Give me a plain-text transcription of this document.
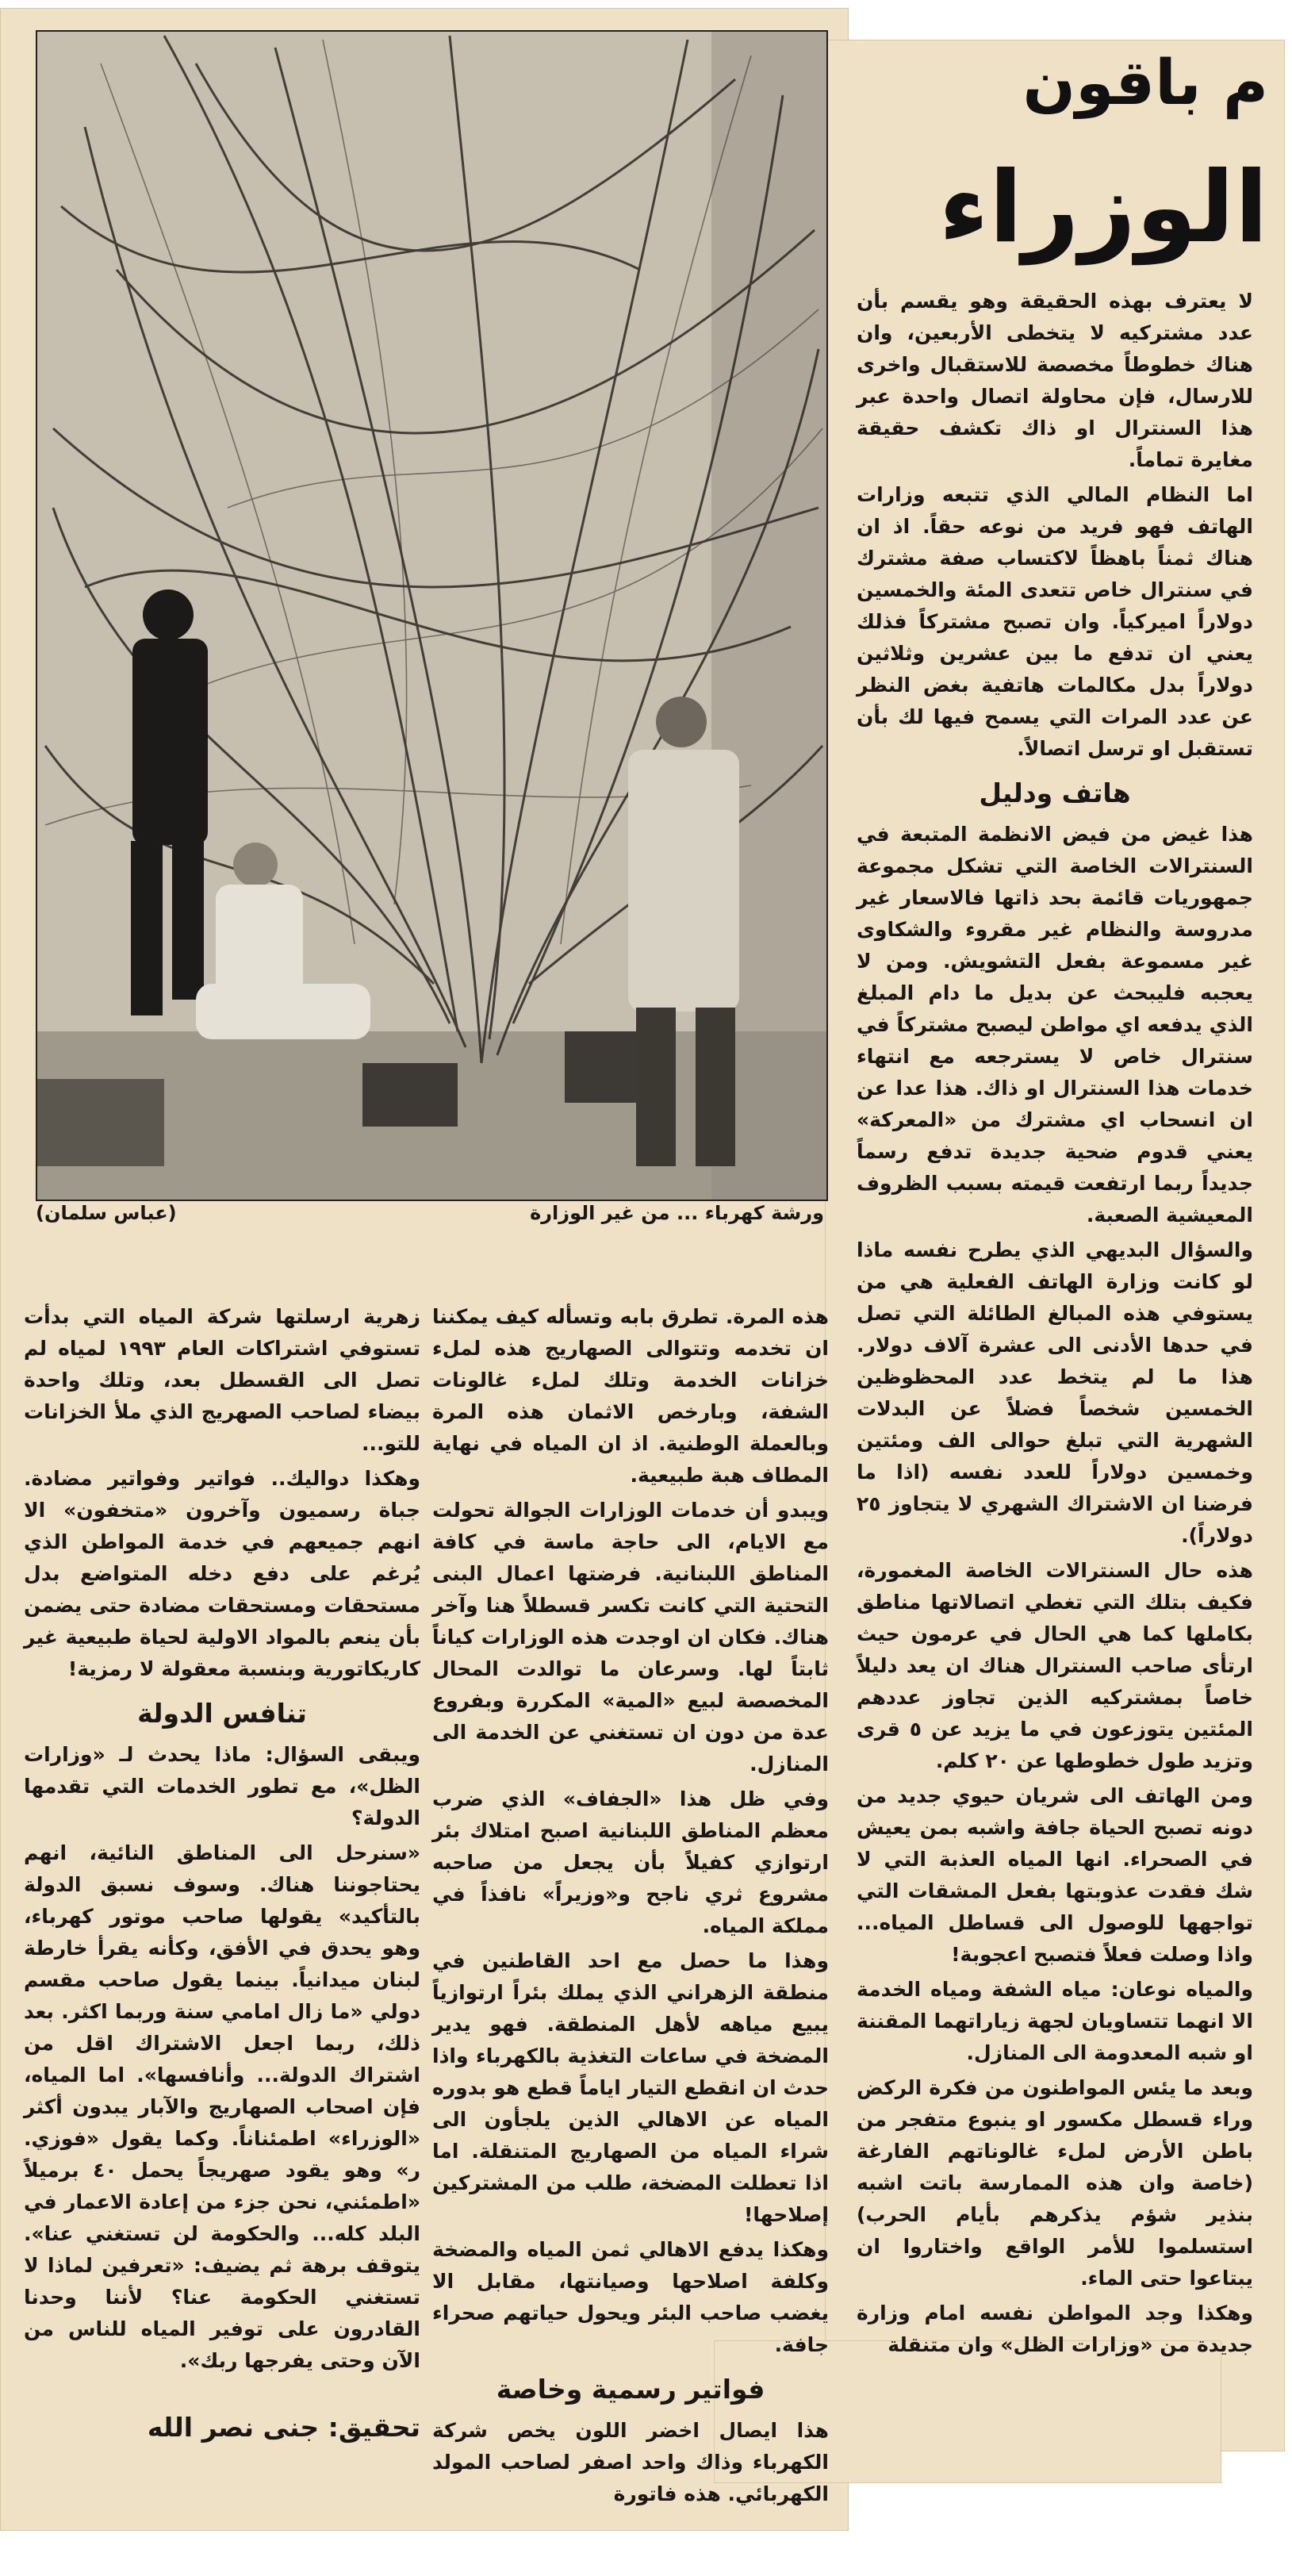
م باقون
الوزراء
ورشة كهرباء ... من غير الوزارة
(عباس سلمان)

لا يعترف بهذه الحقيقة وهو يقسم بأن عدد مشتركيه لا يتخطى الأربعين، وان هناك خطوطاً مخصصة للاستقبال واخرى للارسال، فإن محاولة اتصال واحدة عبر هذا السنترال او ذاك تكشف حقيقة مغايرة تماماً.

اما النظام المالي الذي تتبعه وزارات الهاتف فهو فريد من نوعه حقاً. اذ ان هناك ثمناً باهظاً لاكتساب صفة مشترك في سنترال خاص تتعدى المئة والخمسين دولاراً اميركياً. وان تصبح مشتركاً فذلك يعني ان تدفع ما بين عشرين وثلاثين دولاراً بدل مكالمات هاتفية بغض النظر عن عدد المرات التي يسمح فيها لك بأن تستقبل او ترسل اتصالاً.

هاتف ودليل

هذا غيض من فيض الانظمة المتبعة في السنترالات الخاصة التي تشكل مجموعة جمهوريات قائمة بحد ذاتها فالاسعار غير مدروسة والنظام غير مقروء والشكاوى غير مسموعة بفعل التشويش. ومن لا يعجبه فليبحث عن بديل ما دام المبلغ الذي يدفعه اي مواطن ليصبح مشتركاً في سنترال خاص لا يسترجعه مع انتهاء خدمات هذا السنترال او ذاك. هذا عدا عن ان انسحاب اي مشترك من «المعركة» يعني قدوم ضحية جديدة تدفع رسماً جديداً ربما ارتفعت قيمته بسبب الظروف المعيشية الصعبة.

والسؤال البديهي الذي يطرح نفسه ماذا لو كانت وزارة الهاتف الفعلية هي من يستوفي هذه المبالغ الطائلة التي تصل في حدها الأدنى الى عشرة آلاف دولار. هذا ما لم يتخط عدد المحظوظين الخمسين شخصاً فضلاً عن البدلات الشهرية التي تبلغ حوالى الف ومئتين وخمسين دولاراً للعدد نفسه (اذا ما فرضنا ان الاشتراك الشهري لا يتجاوز ٢٥ دولاراً).

هذه حال السنترالات الخاصة المغمورة، فكيف بتلك التي تغطي اتصالاتها مناطق بكاملها كما هي الحال في عرمون حيث ارتأى صاحب السنترال هناك ان يعد دليلاً خاصاً بمشتركيه الذين تجاوز عددهم المئتين يتوزعون في ما يزيد عن ٥ قرى وتزيد طول خطوطها عن ٢٠ كلم.

ومن الهاتف الى شريان حيوي جديد من دونه تصبح الحياة جافة واشبه بمن يعيش في الصحراء. انها المياه العذبة التي لا شك فقدت عذوبتها بفعل المشقات التي تواجهها للوصول الى قساطل المياه... واذا وصلت فعلاً فتصبح اعجوبة!

والمياه نوعان: مياه الشفة ومياه الخدمة الا انهما تتساويان لجهة زياراتهما المقننة او شبه المعدومة الى المنازل.

وبعد ما يئس المواطنون من فكرة الركض وراء قسطل مكسور او ينبوع متفجر من باطن الأرض لملء غالوناتهم الفارغة (خاصة وان هذه الممارسة باتت اشبه بنذير شؤم يذكرهم بأيام الحرب) استسلموا للأمر الواقع واختاروا ان يبتاعوا حتى الماء.

وهكذا وجد المواطن نفسه امام وزارة جديدة من «وزارات الظل» وان متنقلة

هذه المرة. تطرق بابه وتسأله كيف يمكننا ان تخدمه وتتوالى الصهاريج هذه لملء خزانات الخدمة وتلك لملء غالونات الشفة، وبارخص الاثمان هذه المرة وبالعملة الوطنية. اذ ان المياه في نهاية المطاف هبة طبيعية.

ويبدو أن خدمات الوزارات الجوالة تحولت مع الايام، الى حاجة ماسة في كافة المناطق اللبنانية. فرضتها اعمال البنى التحتية التي كانت تكسر قسطلاً هنا وآخر هناك. فكان ان اوجدت هذه الوزارات كياناً ثابتاً لها. وسرعان ما توالدت المحال المخصصة لبيع «المية» المكررة وبفروع عدة من دون ان تستغني عن الخدمة الى المنازل.

وفي ظل هذا «الجفاف» الذي ضرب معظم المناطق اللبنانية اصبح امتلاك بئر ارتوازي كفيلاً بأن يجعل من صاحبه مشروع ثري ناجح و«وزيراً» نافذاً في مملكة المياه.

وهذا ما حصل مع احد القاطنين في منطقة الزهراني الذي يملك بئراً ارتوازياً يبيع مياهه لأهل المنطقة. فهو يدير المضخة في ساعات التغذية بالكهرباء واذا حدث ان انقطع التيار اياماً قطع هو بدوره المياه عن الاهالي الذين يلجأون الى شراء المياه من الصهاريج المتنقلة. اما اذا تعطلت المضخة، طلب من المشتركين إصلاحها!

وهكذا يدفع الاهالي ثمن المياه والمضخة وكلفة اصلاحها وصيانتها، مقابل الا يغضب صاحب البئر ويحول حياتهم صحراء جافة.

فواتير رسمية وخاصة

هذا ايصال اخضر اللون يخص شركة الكهرباء وذاك واحد اصفر لصاحب المولد الكهربائي. هذه فاتورة

زهرية ارسلتها شركة المياه التي بدأت تستوفي اشتراكات العام ١٩٩٣ لمياه لم تصل الى القسطل بعد، وتلك واحدة بيضاء لصاحب الصهريج الذي ملأ الخزانات للتو...

وهكذا دواليك.. فواتير وفواتير مضادة. جباة رسميون وآخرون «متخفون» الا انهم جميعهم في خدمة المواطن الذي يُرغم على دفع دخله المتواضع بدل مستحقات ومستحقات مضادة حتى يضمن بأن ينعم بالمواد الاولية لحياة طبيعية غير كاريكاتورية وبنسبة معقولة لا رمزية!

تنافس الدولة

ويبقى السؤال: ماذا يحدث لـ «وزارات الظل»، مع تطور الخدمات التي تقدمها الدولة؟

«سنرحل الى المناطق النائية، انهم يحتاجوننا هناك. وسوف نسبق الدولة بالتأكيد» يقولها صاحب موتور كهرباء، وهو يحدق في الأفق، وكأنه يقرأ خارطة لبنان ميدانياً. بينما يقول صاحب مقسم دولي «ما زال امامي سنة وربما اكثر. بعد ذلك، ربما اجعل الاشتراك اقل من اشتراك الدولة... وأنافسها». اما المياه، فإن اصحاب الصهاريج والآبار يبدون أكثر «الوزراء» اطمئناناً. وكما يقول «فوزي. ر» وهو يقود صهريجاً يحمل ٤٠ برميلاً «اطمئني، نحن جزء من إعادة الاعمار في البلد كله... والحكومة لن تستغني عنا». يتوقف برهة ثم يضيف: «تعرفين لماذا لا تستغني الحكومة عنا؟ لأننا وحدنا القادرون على توفير المياه للناس من الآن وحتى يفرجها ربك».

تحقيق: جنى نصر الله
